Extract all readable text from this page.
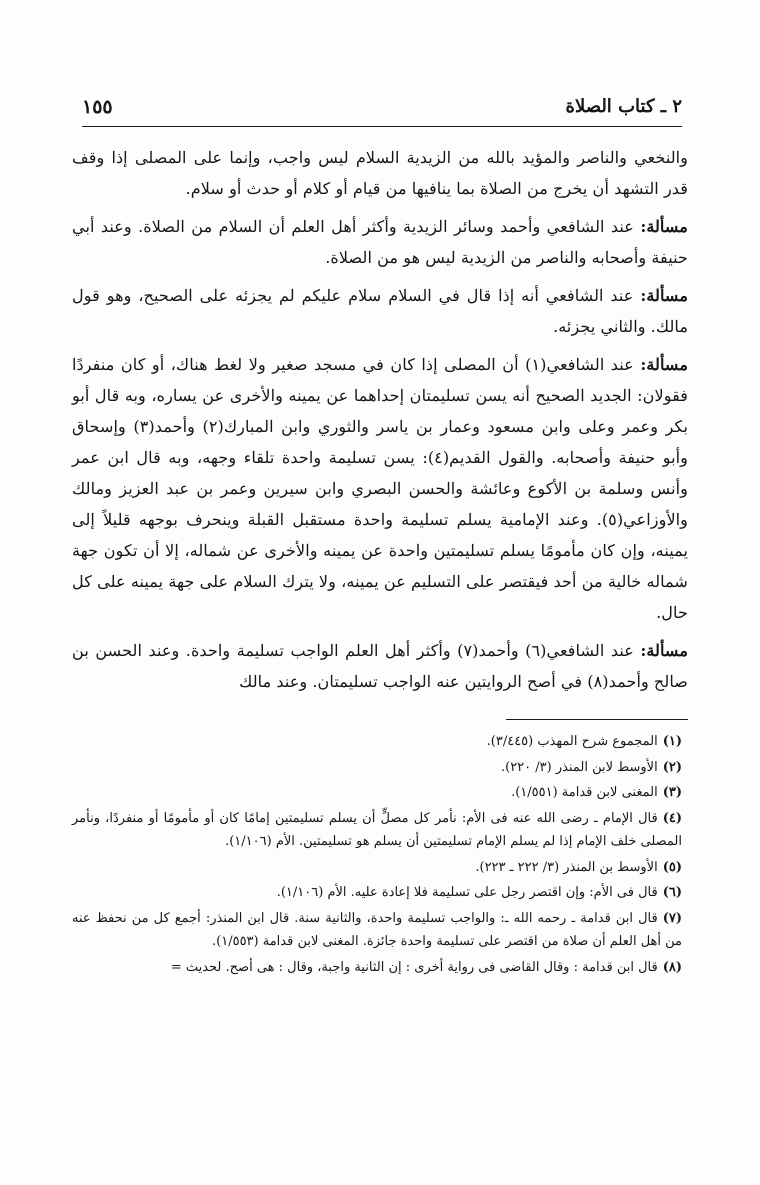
٢ ـ كتاب الصلاة
١٥٥

والنخعي والناصر والمؤيد بالله من الزيدية السلام ليس واجب، وإنما على المصلى إذا وقف قدر التشهد أن يخرج من الصلاة بما ينافيها من قيام أو كلام أو حدث أو سلام.

مسألة: عند الشافعي وأحمد وسائر الزيدية وأكثر أهل العلم أن السلام من الصلاة. وعند أبي حنيفة وأصحابه والناصر من الزيدية ليس هو من الصلاة.

مسألة: عند الشافعي أنه إذا قال في السلام سلام عليكم لم يجزئه على الصحيح، وهو قول مالك. والثاني يجزئه.

مسألة: عند الشافعي(١) أن المصلى إذا كان في مسجد صغير ولا لغط هناك، أو كان منفردًا فقولان: الجديد الصحيح أنه يسن تسليمتان إحداهما عن يمينه والأخرى عن يساره، وبه قال أبو بكر وعمر وعلى وابن مسعود وعمار بن ياسر والثوري وابن المبارك(٢) وأحمد(٣) وإسحاق وأبو حنيفة وأصحابه. والقول القديم(٤): يسن تسليمة واحدة تلقاء وجهه، وبه قال ابن عمر وأنس وسلمة بن الأكوع وعائشة والحسن البصري وابن سيرين وعمر بن عبد العزيز ومالك والأوزاعي(٥). وعند الإمامية يسلم تسليمة واحدة مستقبل القبلة وينحرف بوجهه قليلاً إلى يمينه، وإن كان مأمومًا يسلم تسليمتين واحدة عن يمينه والأخرى عن شماله، إلا أن تكون جهة شماله خالية من أحد فيقتصر على التسليم عن يمينه، ولا يترك السلام على جهة يمينه على كل حال.

مسألة: عند الشافعي(٦) وأحمد(٧) وأكثر أهل العلم الواجب تسليمة واحدة. وعند الحسن بن صالح وأحمد(٨) في أصح الروايتين عنه الواجب تسليمتان. وعند مالك

(١)المجموع شرح المهذب (٣/٤٤٥).

(٢)الأوسط لابن المنذر (٣/ ٢٢٠).

(٣)المغنى لابن قدامة (١/٥٥١).

(٤)قال الإمام ـ رضى الله عنه فى الأم: نأمر كل مصلٍّ أن يسلم تسليمتين إمامًا كان أو مأمومًا أو منفردًا، ونأمر المصلى خلف الإمام إذا لم يسلم الإمام تسليمتين أن يسلم هو تسليمتين. الأم (١/١٠٦).

(٥)الأوسط بن المنذر (٣/ ٢٢٢ ـ ٢٢٣).

(٦)قال فى الأم: وإن اقتصر رجل على تسليمة فلا إعادة عليه. الأم (١/١٠٦).

(٧)قال ابن قدامة ـ رحمه الله ـ: والواجب تسليمة واحدة، والثانية سنة. قال ابن المنذر: أجمع كل من نحفظ عنه من أهل العلم أن صلاة من اقتصر على تسليمة واحدة جائزة. المغنى لابن قدامة (١/٥٥٣).

(٨)قال ابن قدامة : وقال القاضى فى رواية أخرى : إن الثانية واجبة، وقال : هى أصح. لحديث =
